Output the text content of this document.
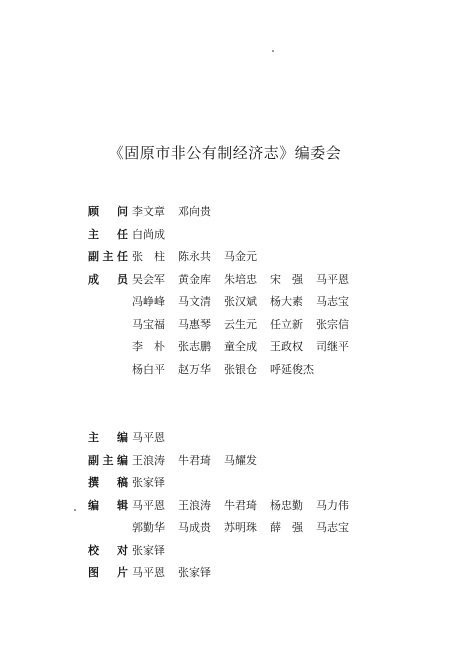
《固原市非公有制经济志》编委会
顾问 李文章	邓向贵
主任 白尚成
副主任 张　柱	陈永共	马金元
成员 吴会军	黄金库	朱培忠	宋　强	马平恩
冯峥峰	马文清	张汉斌	杨大素	马志宝
马宝福	马惠琴	云生元	任立新	张宗信
李　朴	张志鹏	童全成	王政权	司继平
杨白平	赵万华	张银仓	呼延俊杰
主编 马平恩
副主编 王浪涛	牛君琦	马耀发
撰稿 张家铎
编辑 马平恩	王浪涛	牛君琦	杨忠勤	马力伟
郭勤华	马成贵	苏明珠	薛　强	马志宝
校对 张家铎
图片 马平恩	张家铎
